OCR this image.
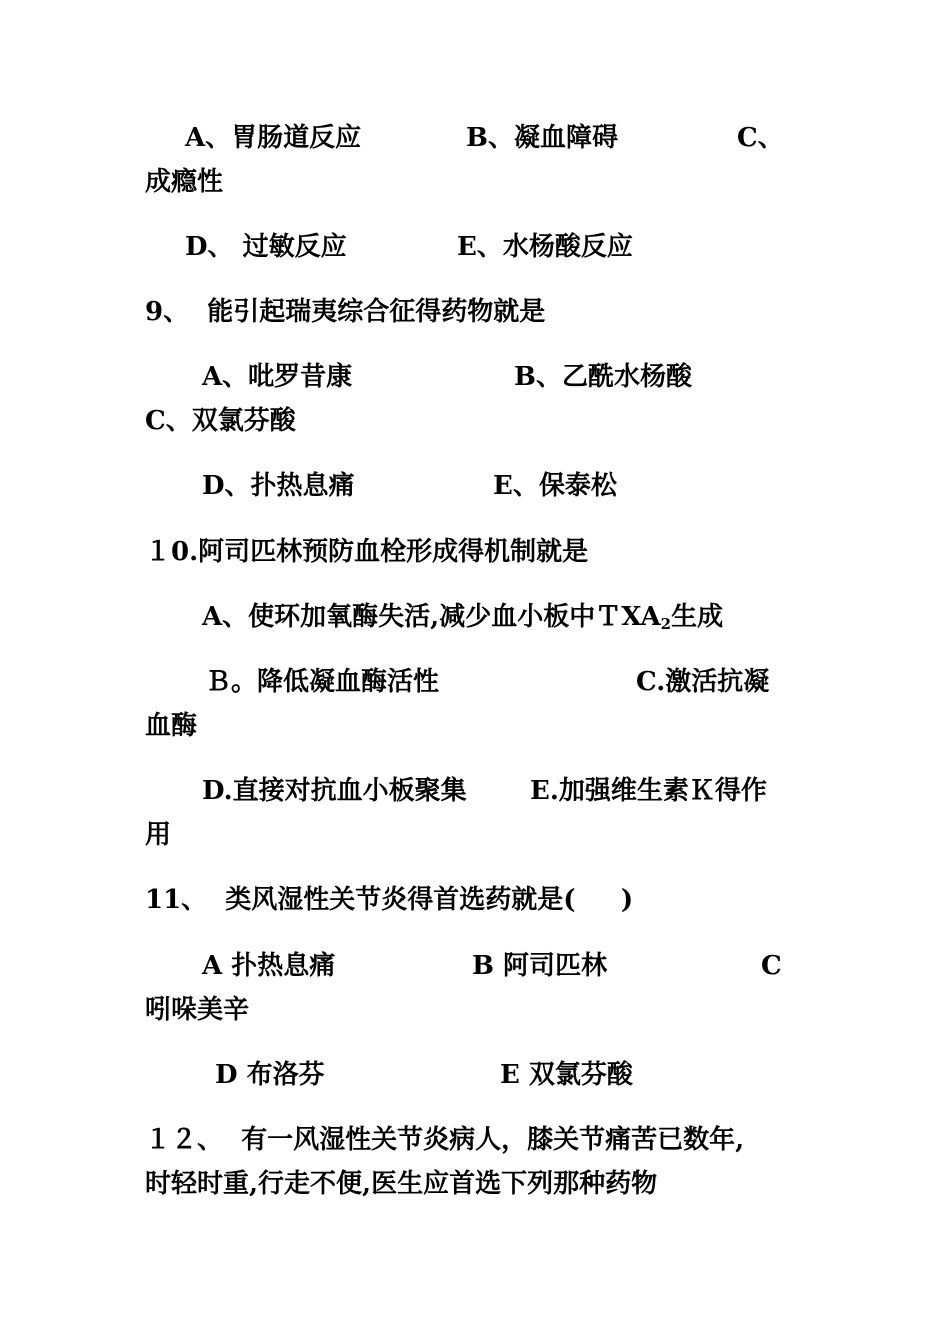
A、胃肠道反应	B、凝血障碍	C、
成瘾性
D、 过敏反应	E、水杨酸反应
9、  能引起瑞夷综合征得药物就是
A、吡罗昔康	B、乙酰水杨酸
C、双氯芬酸
D、扑热息痛	E、保泰松
１0.阿司匹林预防血栓形成得机制就是
A、使环加氧酶失活,减少血小板中ＴXA$_2$生成
Ｂ。降低凝血酶活性	C.激活抗凝
血酶
D.直接对抗血小板聚集 E.加强维生素Ｋ得作
用
11、  类风湿性关节炎得首选药就是(     )
A 扑热息痛	B 阿司匹林	C
吲哚美辛
D 布洛芬	E 双氯芬酸
１２、  有一风湿性关节炎病人，膝关节痛苦已数年,
时轻时重,行走不便,医生应首选下列那种药物
